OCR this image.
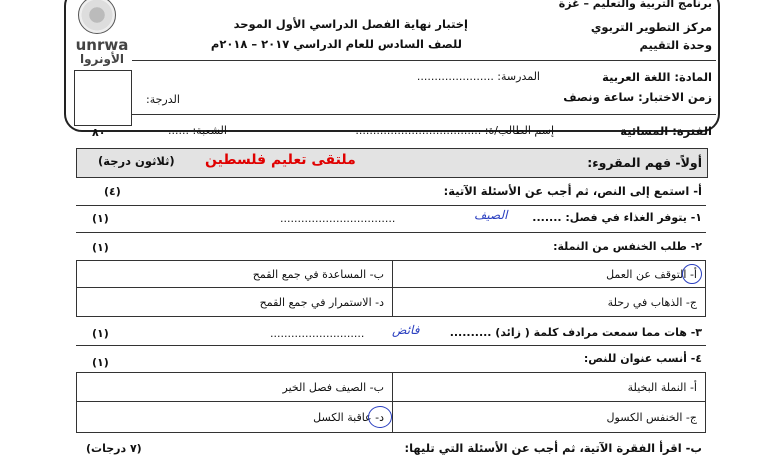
unrwa
الأونروا
برنامج التربية والتعليم – غزة
مركز التطوير التربوي
وحدة التقييم
إختبار نهاية الفصل الدراسي الأول الموحد
للصف السادس للعام الدراسي ٢٠١٧ – ٢٠١٨م
المادة: اللغة العربية
المدرسة: ......................
زمن الاختبار: ساعة ونصف
الدرجة:
الفترة: المسائية
إسم الطالب/ة: ....................................
الشعبة: ......
٨٠
أولاً- فهم المقروء:
ملتقى تعليم فلسطين
(ثلاثون درجة)
أ- استمع إلى النص، ثم أجب عن الأسئلة الآتية:
(٤)
١- يتوفر الغذاء في فصل: .......
الصيف
.................................
(١)
٢- طلب الخنفس من النملة:
(١)
أ- التوقف عن العمل
ب- المساعدة في جمع القمح
ج- الذهاب في رحلة
د- الاستمرار في جمع القمح
٣- هات مما سمعت مرادف كلمة ( زائد) ..........
فائض
...........................
(١)
٤- أنسب عنوان للنص:
(١)
أ- النملة البخيلة
ب- الصيف فصل الخير
ج- الخنفس الكسول
د- عاقبة الكسل
ب- اقرأ الفقرة الآتية، ثم أجب عن الأسئلة التي تليها:
(٧ درجات)
